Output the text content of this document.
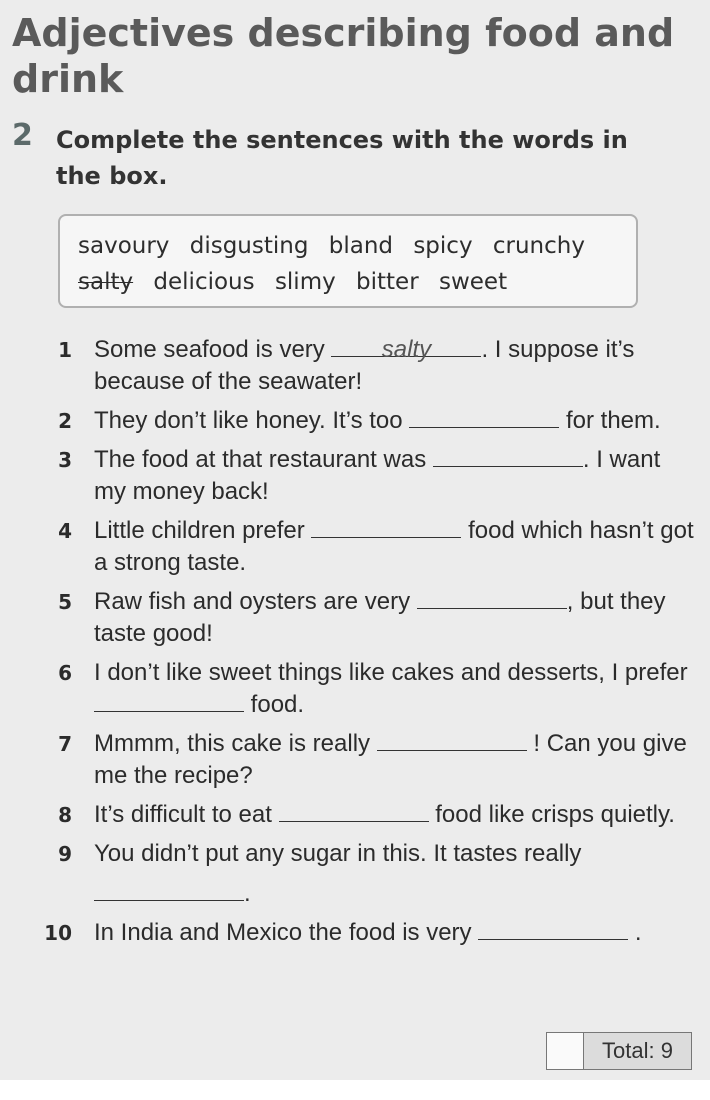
Adjectives describing food and drink
2 Complete the sentences with the words in the box.
savoury disgusting bland spicy crunchy
salty delicious slimy bitter sweet
1 Some seafood is very salty . I suppose it’s because of the seawater!
2 They don’t like honey. It’s too	for them.
3 The food at that restaurant was	. I want my money back!
4 Little children prefer	food which hasn’t got a strong taste.
5 Raw fish and oysters are very	, but they taste good!
6 I don’t like sweet things like cakes and desserts, I prefer  food.
7 Mmmm, this cake is really	! Can you give me the recipe?
8 It’s difficult to eat	food like crisps quietly.
9 You didn’t put any sugar in this. It tastes really .
10 In India and Mexico the food is very	.
Total: 9
